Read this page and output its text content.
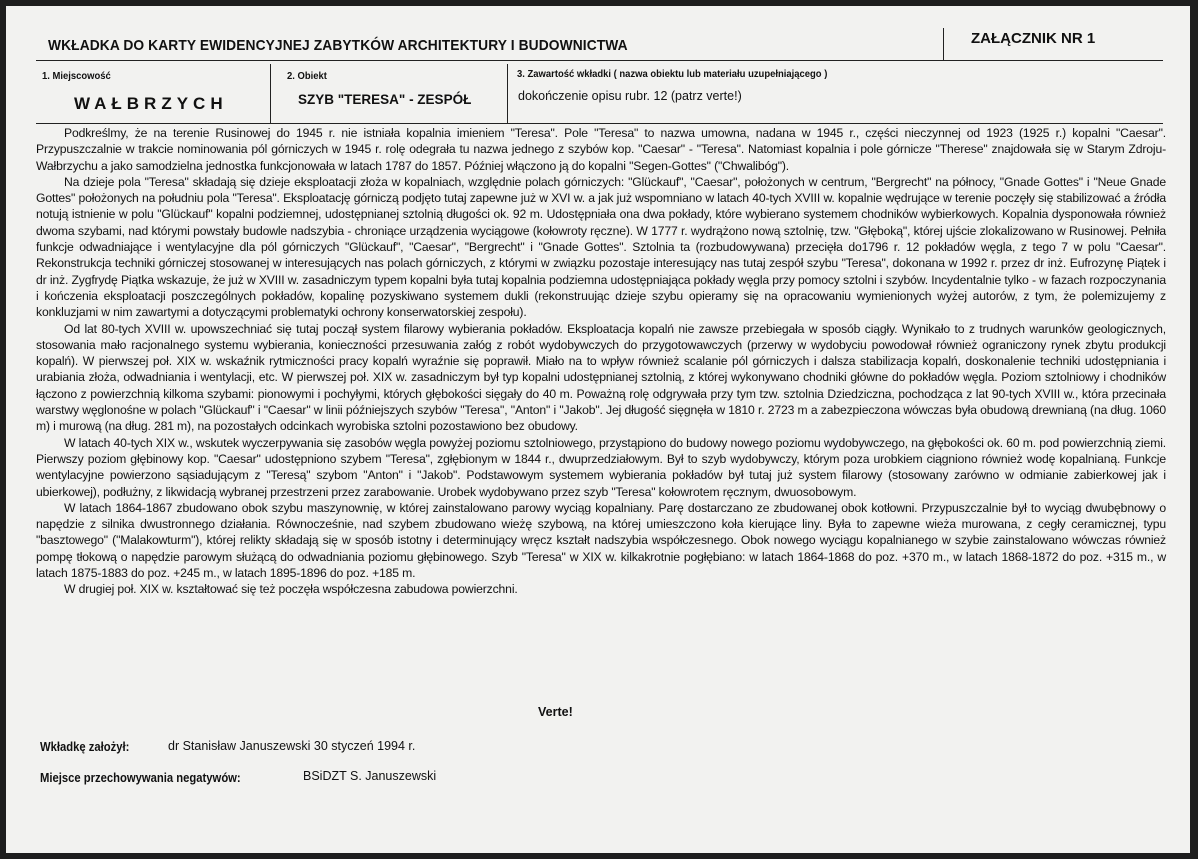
WKŁADKA DO KARTY EWIDENCYJNEJ ZABYTKÓW ARCHITEKTURY I BUDOWNICTWA	ZAŁĄCZNIK NR 1
1. Miejscowość
WAŁBRZYCH
2. Obiekt
SZYB "TERESA" - ZESPÓŁ
3. Zawartość wkładki ( nazwa obiektu lub materiału uzupełniającego )
dokończenie opisu rubr. 12 (patrz verte!)

Podkreślmy, że na terenie Rusinowej do 1945 r. nie istniała kopalnia imieniem "Teresa". Pole "Teresa" to nazwa umowna, nadana w 1945 r., części nieczynnej od 1923 (1925 r.) kopalni "Caesar". Przypuszczalnie w trakcie nominowania pól górniczych w 1945 r. rolę odegrała tu nazwa jednego z szybów kop. "Caesar" - "Teresa". Natomiast kopalnia i pole górnicze "Therese" znajdowała się w Starym Zdroju-Wałbrzychu a jako samodzielna jednostka funkcjonowała w latach 1787 do 1857. Później włączono ją do kopalni "Segen-Gottes" ("Chwalibóg").

Na dzieje pola "Teresa" składają się dzieje eksploatacji złoża w kopalniach, względnie polach górniczych: "Glückauf", "Caesar", położonych w centrum, "Bergrecht" na północy, "Gnade Gottes" i "Neue Gnade Gottes" położonych na południu pola "Teresa". Eksploatację górniczą podjęto tutaj zapewne już w XVI w. a jak już wspomniano w latach 40-tych XVIII w. kopalnie wędrujące w terenie poczęły się stabilizować a źródła notują istnienie w polu "Glückauf" kopalni podziemnej, udostępnianej sztolnią długości ok. 92 m. Udostępniała ona dwa pokłady, które wybierano systemem chodników wybierkowych. Kopalnia dysponowała również dwoma szybami, nad którymi powstały budowle nadszybia - chroniące urządzenia wyciągowe (kołowroty ręczne). W 1777 r. wydrążono nową sztolnię, tzw. "Głęboką", której ujście zlokalizowano w Rusinowej. Pełniła funkcje odwadniające i wentylacyjne dla pól górniczych "Glückauf", "Caesar", "Bergrecht" i "Gnade Gottes". Sztolnia ta (rozbudowywana) przecięła do1796 r. 12 pokładów węgla, z tego 7 w polu "Caesar". Rekonstrukcja techniki górniczej stosowanej w interesujących nas polach górniczych, z którymi w związku pozostaje interesujący nas tutaj zespół szybu "Teresa", dokonana w 1992 r. przez dr inż. Eufrozynę Piątek i dr inż. Zygfrydę Piątka wskazuje, że już w XVIII w. zasadniczym typem kopalni była tutaj kopalnia podziemna udostępniająca pokłady węgla przy pomocy sztolni i szybów. Incydentalnie tylko - w fazach rozpoczynania i kończenia eksploatacji poszczególnych pokładów, kopalinę pozyskiwano systemem dukli (rekonstruując dzieje szybu opieramy się na opracowaniu wymienionych wyżej autorów, z tym, że polemizujemy z konkluzjami w nim zawartymi a dotyczącymi problematyki ochrony konserwatorskiej zespołu).

Od lat 80-tych XVIII w. upowszechniać się tutaj począł system filarowy wybierania pokładów. Eksploatacja kopalń nie zawsze przebiegała w sposób ciągły. Wynikało to z trudnych warunków geologicznych, stosowania mało racjonalnego systemu wybierania, konieczności przesuwania załóg z robót wydobywczych do przygotowawczych (przerwy w wydobyciu powodował również ograniczony rynek zbytu produkcji kopalń). W pierwszej poł. XIX w. wskaźnik rytmiczności pracy kopalń wyraźnie się poprawił. Miało na to wpływ również scalanie pól górniczych i dalsza stabilizacja kopalń, doskonalenie techniki udostępniania i urabiania złoża, odwadniania i wentylacji, etc. W pierwszej poł. XIX w. zasadniczym był typ kopalni udostępnianej sztolnią, z której wykonywano chodniki główne do pokładów węgla. Poziom sztolniowy i chodników łączono z powierzchnią kilkoma szybami: pionowymi i pochyłymi, których głębokości sięgały do 40 m. Poważną rolę odgrywała przy tym tzw. sztolnia Dziedziczna, pochodząca z lat 90-tych XVIII w., która przecinała warstwy węglonośne w polach "Glückauf" i "Caesar" w linii późniejszych szybów "Teresa", "Anton" i "Jakob". Jej długość sięgnęła w 1810 r. 2723 m a zabezpieczona wówczas była obudową drewnianą (na dług. 1060 m) i murową (na dług. 281 m), na pozostałych odcinkach wyrobiska sztolni pozostawiono bez obudowy.

W latach 40-tych XIX w., wskutek wyczerpywania się zasobów węgla powyżej poziomu sztolniowego, przystąpiono do budowy nowego poziomu wydobywczego, na głębokości ok. 60 m. pod powierzchnią ziemi. Pierwszy poziom głębinowy kop. "Caesar" udostępniono szybem "Teresa", zgłębionym w 1844 r., dwuprzedziałowym. Był to szyb wydobywczy, którym poza urobkiem ciągniono również wodę kopalnianą. Funkcje wentylacyjne powierzono sąsiadującym z "Teresą" szybom "Anton" i "Jakob". Podstawowym systemem wybierania pokładów był tutaj już system filarowy (stosowany zarówno w odmianie zabierkowej jak i ubierkowej), podłużny, z likwidacją wybranej przestrzeni przez zarabowanie. Urobek wydobywano przez szyb "Teresa" kołowrotem ręcznym, dwuosobowym.

W latach 1864-1867 zbudowano obok szybu maszynownię, w której zainstalowano parowy wyciąg kopalniany. Parę dostarczano ze zbudowanej obok kotłowni. Przypuszczalnie był to wyciąg dwubębnowy o napędzie z silnika dwustronnego działania. Równocześnie, nad szybem zbudowano wieżę szybową, na której umieszczono koła kierujące liny. Była to zapewne wieża murowana, z cegły ceramicznej, typu "basztowego" ("Malakowturm"), której relikty składają się w sposób istotny i determinujący wręcz kształt nadszybia współczesnego. Obok nowego wyciągu kopalnianego w szybie zainstalowano wówczas również pompę tłokową o napędzie parowym służącą do odwadniania poziomu głębinowego. Szyb "Teresa" w XIX w. kilkakrotnie pogłębiano: w latach 1864-1868 do poz. +370 m., w latach 1868-1872 do poz. +315 m., w latach 1875-1883 do poz. +245 m., w latach 1895-1896 do poz. +185 m.

W drugiej poł. XIX w. kształtować się też poczęła współczesna zabudowa powierzchni.

Verte!
Wkładkę założył:	dr Stanisław Januszewski 30 styczeń 1994 r.
Miejsce przechowywania negatywów:	BSiDZT S. Januszewski
